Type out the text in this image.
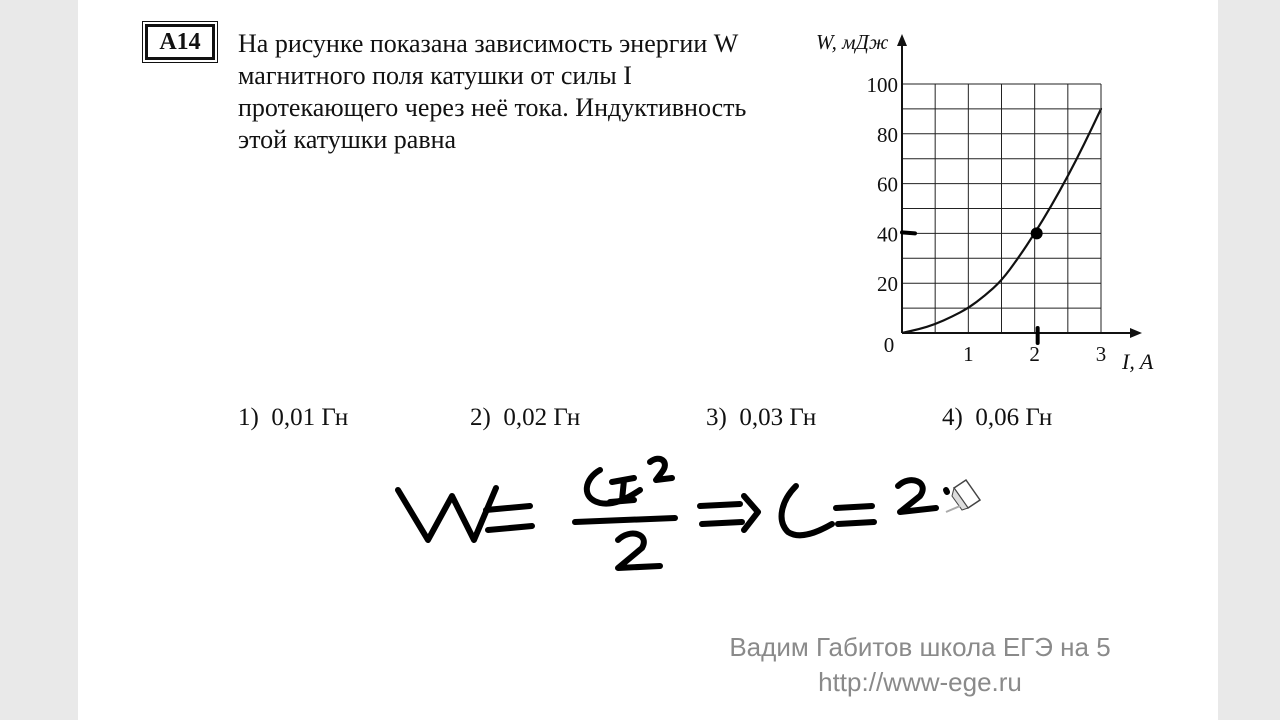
A14	На рисунке показана зависимость энергии W
магнитного поля катушки от силы I
протекающего через неё тока. Индуктивность
этой катушки равна
20
40
60
80
100
0	1	2	3
W, мДж
I, A
1) 0,01 Гн	2) 0,02 Гн	3) 0,03 Гн	4) 0,06 Гн
Вадим Габитов школа ЕГЭ на 5
http://www-ege.ru
